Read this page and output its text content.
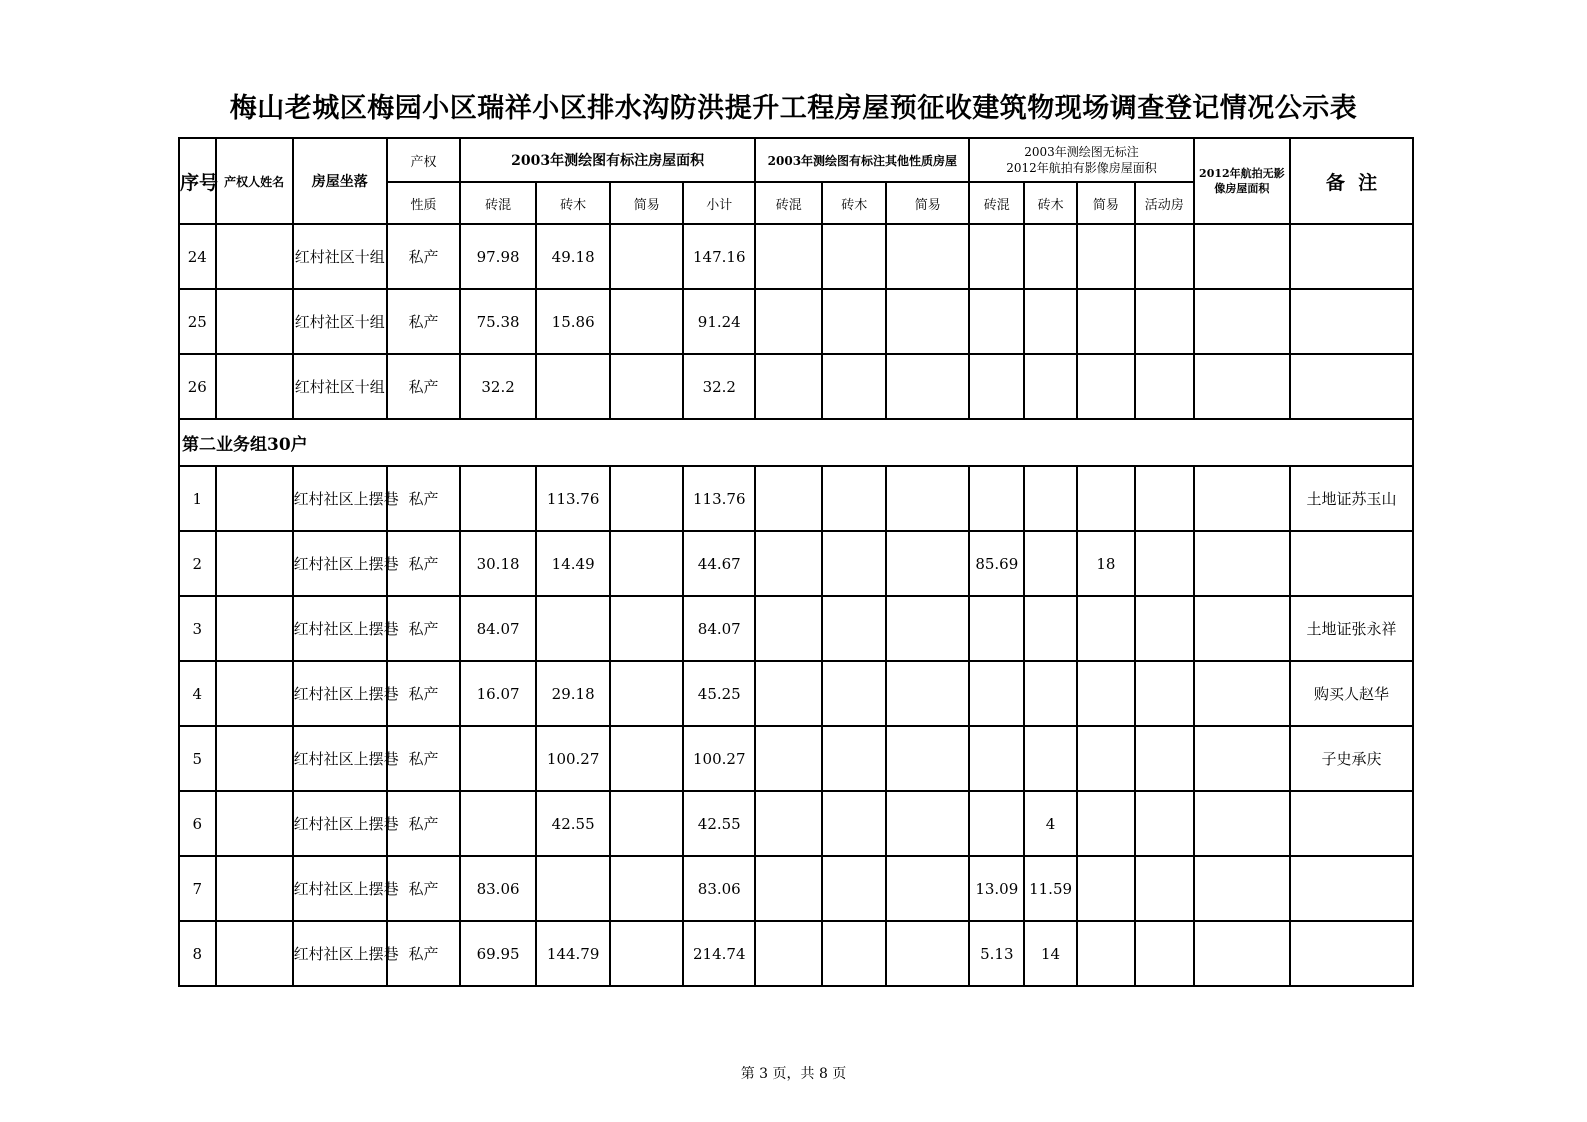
梅山老城区梅园小区瑞祥小区排水沟防洪提升工程房屋预征收建筑物现场调查登记情况公示表
序号	产权人姓名	房屋坐落	产权	2003年测绘图有标注房屋面积				2003年测绘图有标注其他性质房屋			2003年测绘图无标注
2012年航拍有影像房屋面积				2012年航拍无影像房屋面积	备  注
			性质	砖混	砖木	简易	小计	砖混	砖木	简易	砖混	砖木	简易	活动房		
24		红村社区十组	私产	97.98	49.18		147.16									
25		红村社区十组	私产	75.38	15.86		91.24									
26		红村社区十组	私产	32.2			32.2									
第二业务组30户																
1		红村社区上摆巷	私产		113.76		113.76									土地证苏玉山
2		红村社区上摆巷	私产	30.18	14.49		44.67				85.69		18			
3		红村社区上摆巷	私产	84.07			84.07									土地证张永祥
4		红村社区上摆巷	私产	16.07	29.18		45.25									购买人赵华
5		红村社区上摆巷	私产		100.27		100.27									子史承庆
6		红村社区上摆巷	私产		42.55		42.55					4				
7		红村社区上摆巷	私产	83.06			83.06				13.09	11.59				
8		红村社区上摆巷	私产	69.95	144.79		214.74				5.13	14				
第 3 页，共 8 页
